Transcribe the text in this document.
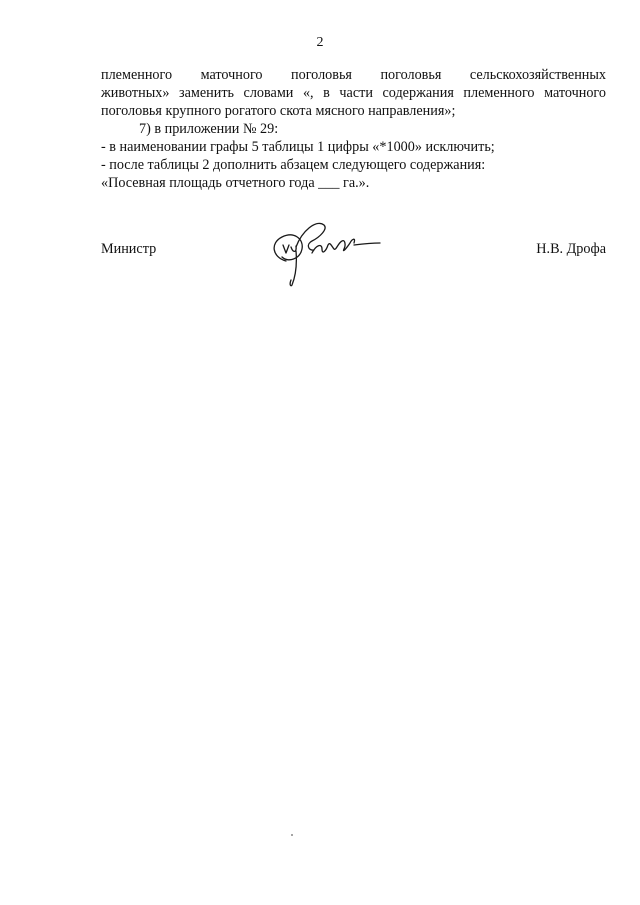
2
племенного маточного поголовья поголовья сельскохозяйственных
животных» заменить словами «, в части содержания племенного маточного
поголовья крупного рогатого скота мясного направления»;
7) в приложении № 29:
- в наименовании графы 5 таблицы 1 цифры «*1000» исключить;
- после таблицы 2 дополнить абзацем следующего содержания:
«Посевная площадь отчетного года ___ га.».
Министр	Н.В. Дрофа
